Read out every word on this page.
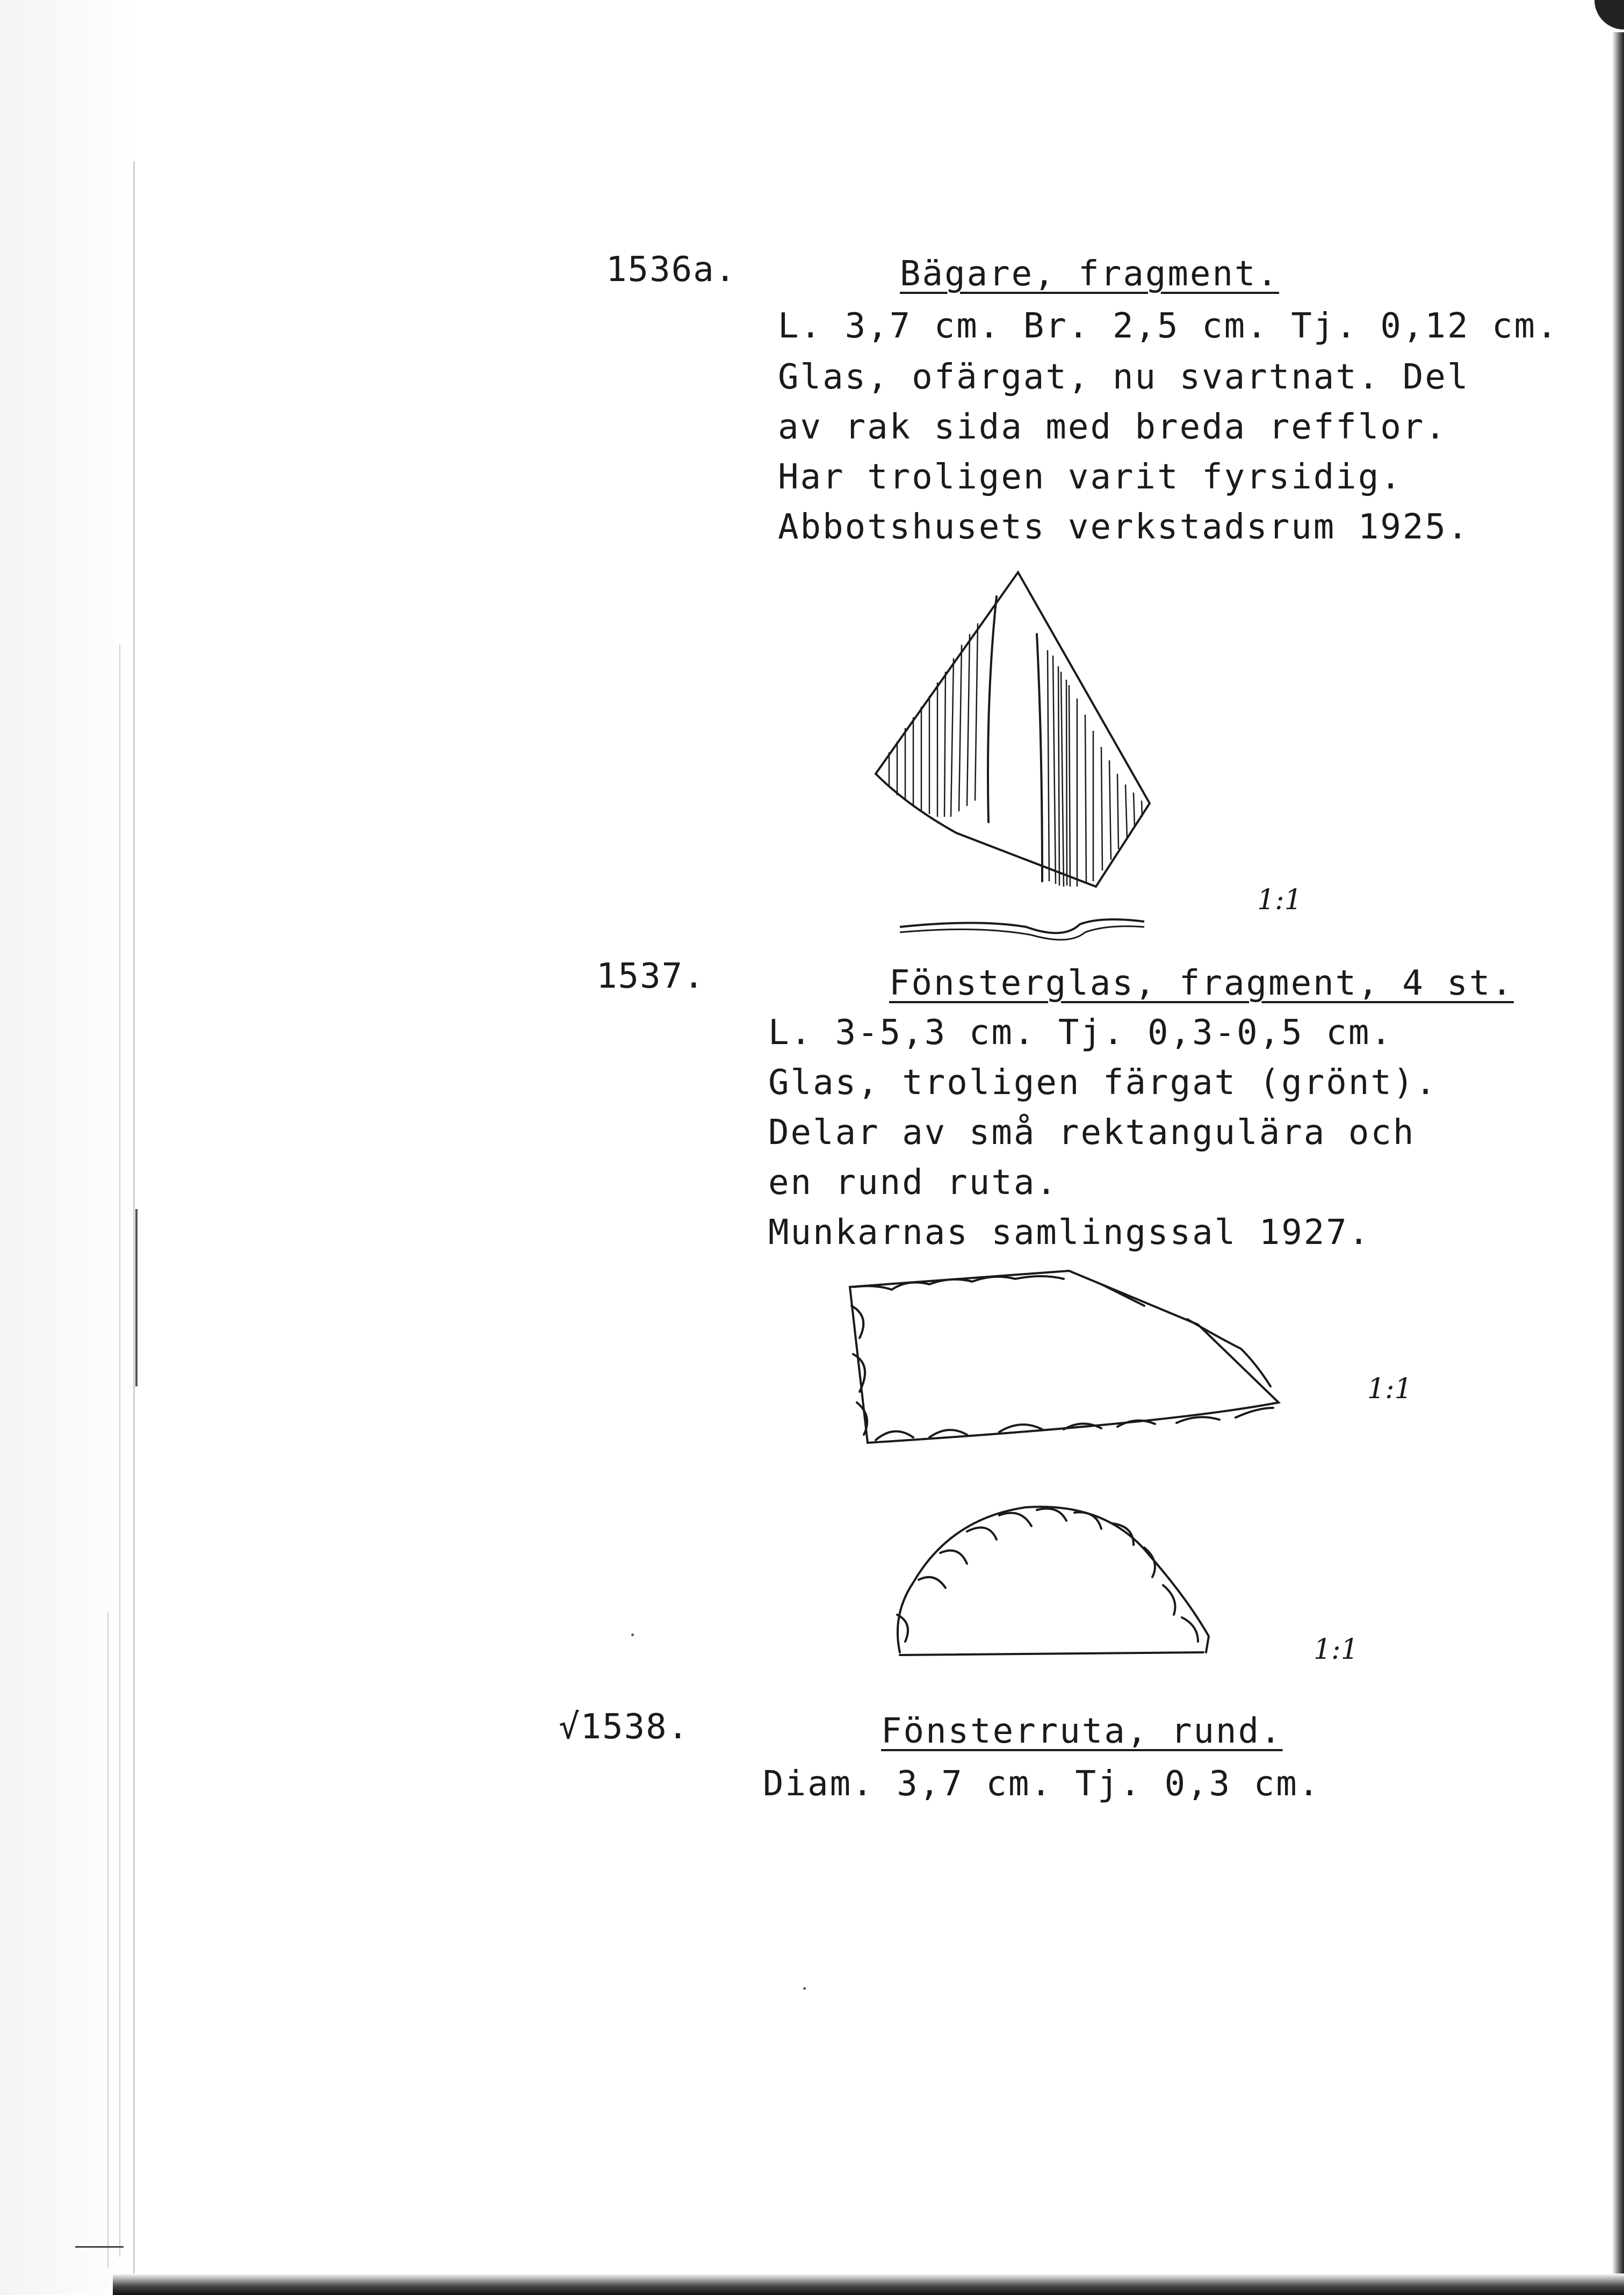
1536a.	Bägare, fragment.
L. 3,7 cm. Br. 2,5 cm. Tj. 0,12 cm.
Glas, ofärgat, nu svartnat. Del
av rak sida med breda refflor.
Har troligen varit fyrsidig.
Abbotshusets verkstadsrum 1925.
1:1
1537.	Fönsterglas, fragment, 4 st.
L. 3-5,3 cm. Tj. 0,3-0,5 cm.
Glas, troligen färgat (grönt).
Delar av små rektangulära och
en rund ruta.
Munkarnas samlingssal 1927.
1:1
1:1
√1538.	Fönsterruta, rund.
Diam. 3,7 cm. Tj. 0,3 cm.
